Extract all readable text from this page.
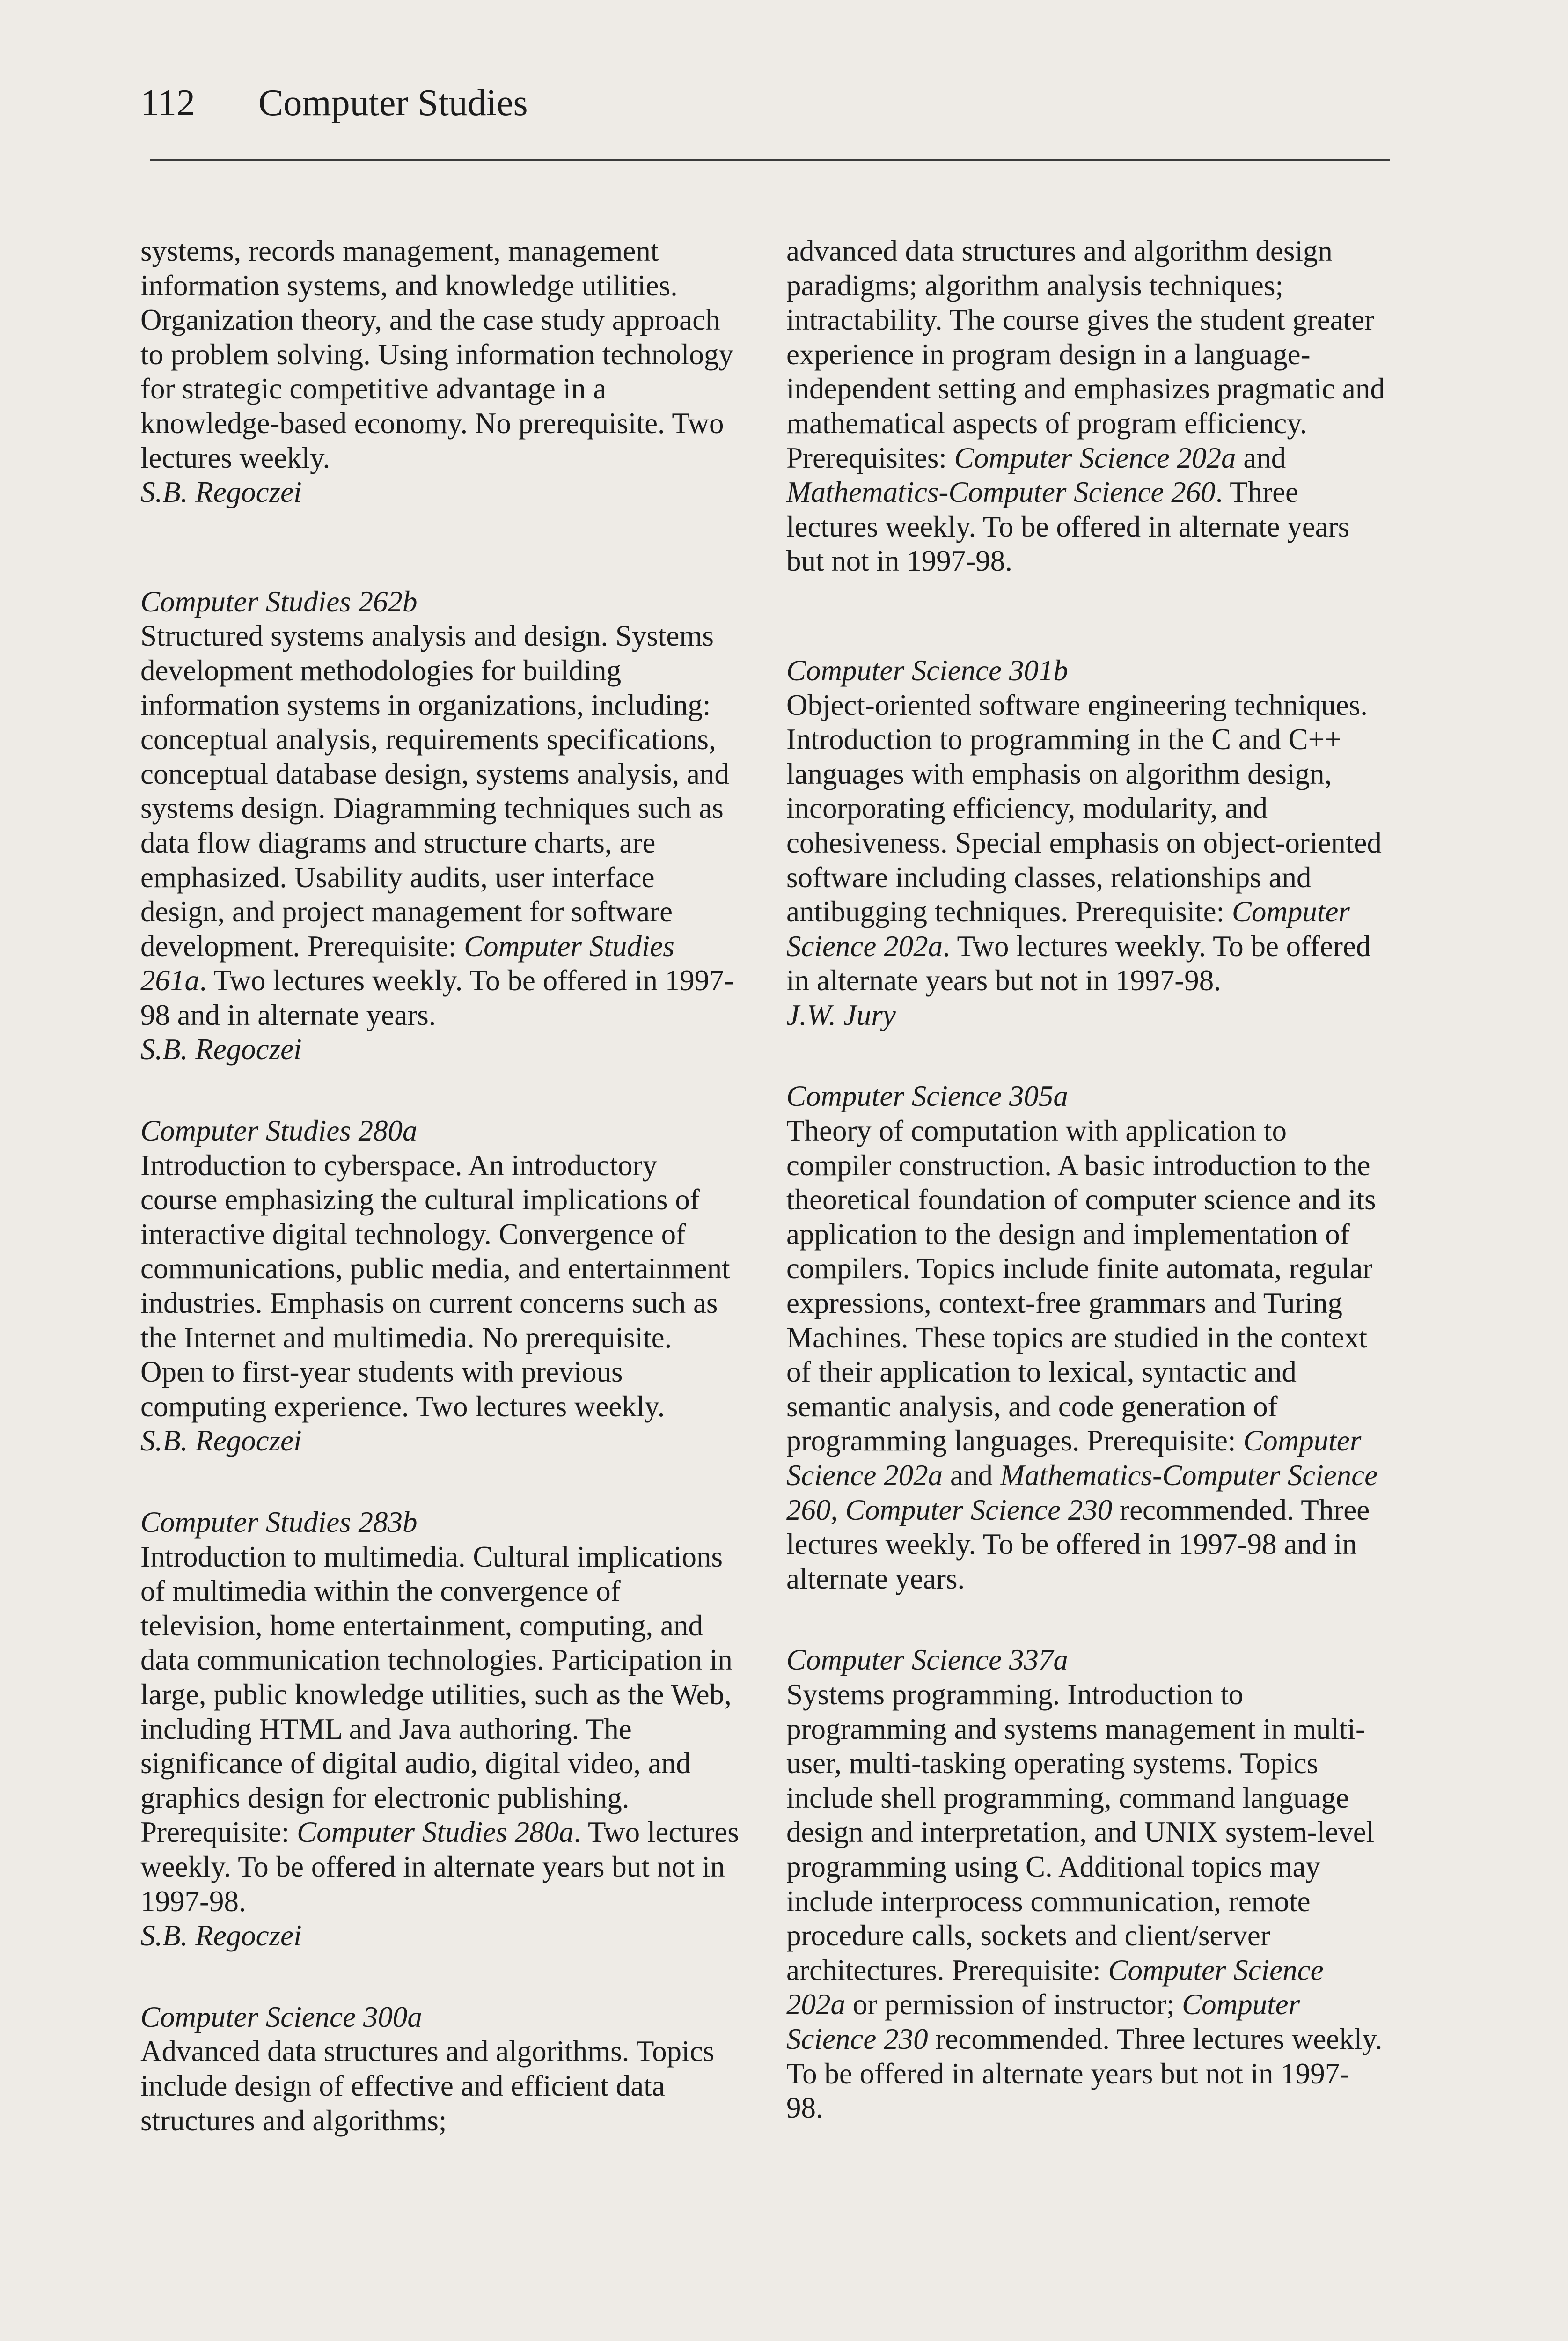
112 Computer Studies
systems, records management, management information systems, and knowledge utilities. Organization theory, and the case study approach to problem solving. Using information technology for strategic competitive advantage in a knowledge-based economy. No prerequisite. Two lectures weekly.
S.B. Regoczei
Computer Studies 262b
Structured systems analysis and design. Systems development methodologies for building information systems in organizations, including: conceptual analysis, requirements specifications, conceptual database design, systems analysis, and systems design. Diagramming techniques such as data flow diagrams and structure charts, are emphasized. Usability audits, user interface design, and project management for software development. Prerequisite: Computer Studies 261a. Two lectures weekly. To be offered in 1997-98 and in alternate years.
S.B. Regoczei
Computer Studies 280a
Introduction to cyberspace. An introductory course emphasizing the cultural implications of interactive digital technology. Convergence of communications, public media, and entertainment industries. Emphasis on current concerns such as the Internet and multimedia. No prerequisite. Open to first-year students with previous computing experience. Two lectures weekly.
S.B. Regoczei
Computer Studies 283b
Introduction to multimedia. Cultural implications of multimedia within the convergence of television, home entertainment, computing, and data communication technologies. Participation in large, public knowledge utilities, such as the Web, including HTML and Java authoring. The significance of digital audio, digital video, and graphics design for electronic publishing. Prerequisite: Computer Studies 280a. Two lectures weekly. To be offered in alternate years but not in 1997-98.
S.B. Regoczei
Computer Science 300a
Advanced data structures and algorithms. Topics include design of effective and efficient data structures and algorithms;
advanced data structures and algorithm design paradigms; algorithm analysis techniques; intractability. The course gives the student greater experience in program design in a language-independent setting and emphasizes pragmatic and mathematical aspects of program efficiency. Prerequisites: Computer Science 202a and Mathematics-Computer Science 260. Three lectures weekly. To be offered in alternate years but not in 1997-98.
Computer Science 301b
Object-oriented software engineering techniques. Introduction to programming in the C and C++ languages with emphasis on algorithm design, incorporating efficiency, modularity, and cohesiveness. Special emphasis on object-oriented software including classes, relationships and antibugging techniques. Prerequisite: Computer Science 202a. Two lectures weekly. To be offered in alternate years but not in 1997-98.
J.W. Jury
Computer Science 305a
Theory of computation with application to compiler construction. A basic introduction to the theoretical foundation of computer science and its application to the design and implementation of compilers. Topics include finite automata, regular expressions, context-free grammars and Turing Machines. These topics are studied in the context of their application to lexical, syntactic and semantic analysis, and code generation of programming languages. Prerequisite: Computer Science 202a and Mathematics-Computer Science 260, Computer Science 230 recommended. Three lectures weekly. To be offered in 1997-98 and in alternate years.
Computer Science 337a
Systems programming. Introduction to programming and systems management in multi-user, multi-tasking operating systems. Topics include shell programming, command language design and interpretation, and UNIX system-level programming using C. Additional topics may include interprocess communication, remote procedure calls, sockets and client/server architectures. Prerequisite: Computer Science 202a or permission of instructor; Computer Science 230 recommended. Three lectures weekly. To be offered in alternate years but not in 1997-98.
